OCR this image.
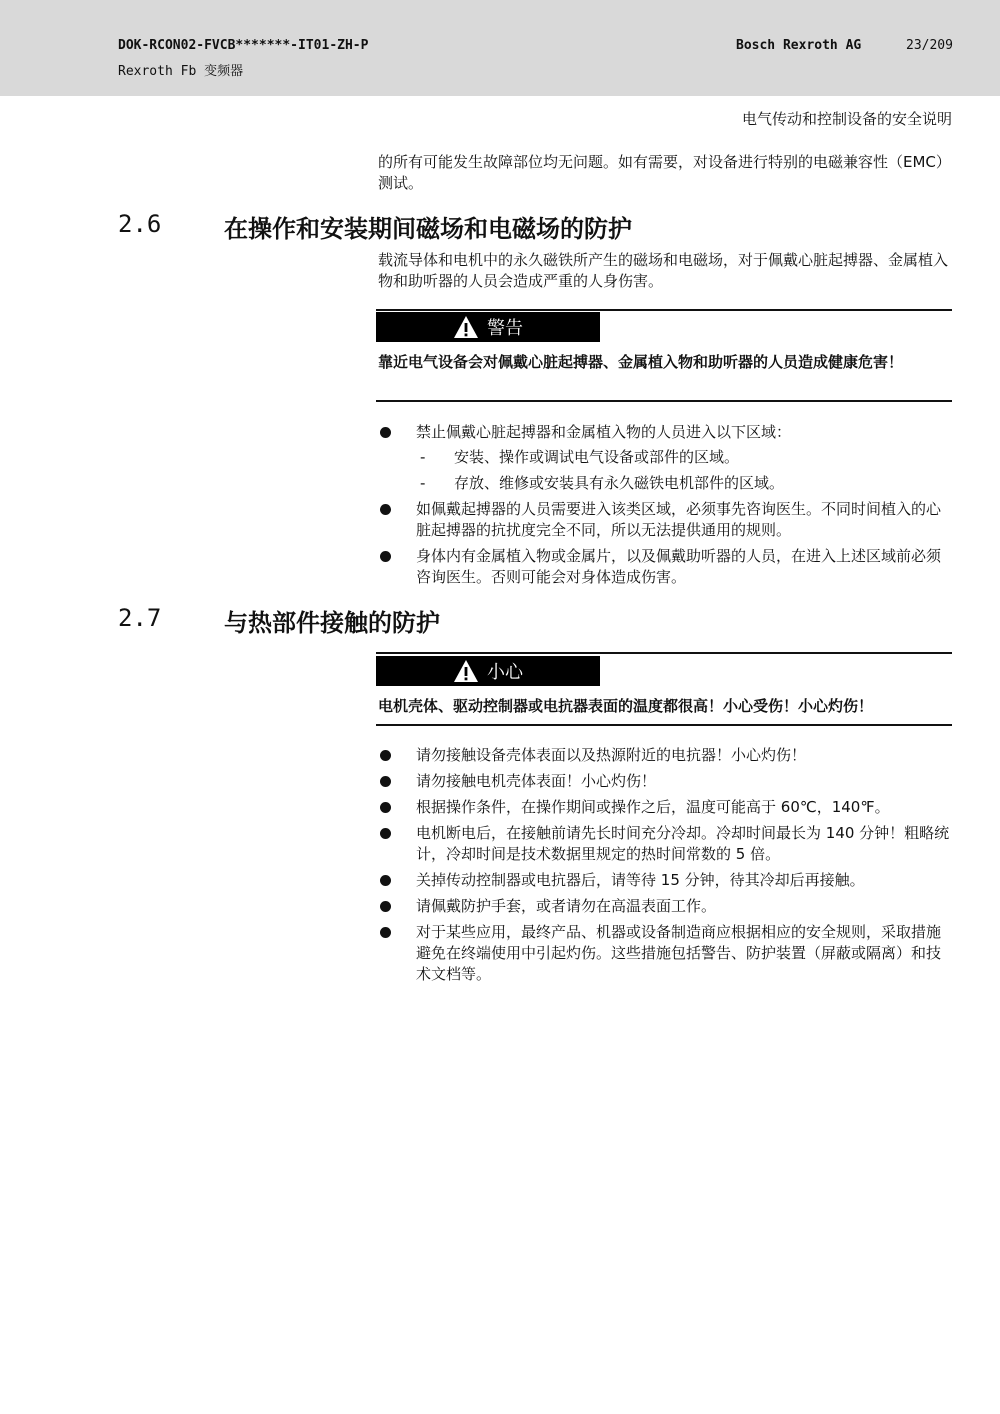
DOK-RCON02-FVCB*******-IT01-ZH-P
Rexroth Fb 变频器
Bosch Rexroth AG	23/209
电气传动和控制设备的安全说明

的所有可能发生故障部位均无问题。如有需要，对设备进行特别的电磁兼容性（EMC）测试。

2.6	在操作和安装期间磁场和电磁场的防护

载流导体和电机中的永久磁铁所产生的磁场和电磁场，对于佩戴心脏起搏器、金属植入物和助听器的人员会造成严重的人身伤害。

警告

靠近电气设备会对佩戴心脏起搏器、金属植入物和助听器的人员造成健康危害！

禁止佩戴心脏起搏器和金属植入物的人员进入以下区域：
- 安装、操作或调试电气设备或部件的区域。
- 存放、维修或安装具有永久磁铁电机部件的区域。
如佩戴起搏器的人员需要进入该类区域，必须事先咨询医生。不同时间植入的心脏起搏器的抗扰度完全不同，所以无法提供通用的规则。
身体内有金属植入物或金属片，以及佩戴助听器的人员，在进入上述区域前必须咨询医生。否则可能会对身体造成伤害。
2.7	与热部件接触的防护
小心

电机壳体、驱动控制器或电抗器表面的温度都很高！小心受伤！小心灼伤！

请勿接触设备壳体表面以及热源附近的电抗器！小心灼伤！
请勿接触电机壳体表面！小心灼伤！
根据操作条件，在操作期间或操作之后，温度可能高于 60℃，140℉。
电机断电后，在接触前请先长时间充分冷却。冷却时间最长为 140 分钟！粗略统计，冷却时间是技术数据里规定的热时间常数的 5 倍。
关掉传动控制器或电抗器后，请等待 15 分钟，待其冷却后再接触。
请佩戴防护手套，或者请勿在高温表面工作。
对于某些应用，最终产品、机器或设备制造商应根据相应的安全规则，采取措施避免在终端使用中引起灼伤。这些措施包括警告、防护装置（屏蔽或隔离）和技术文档等。
